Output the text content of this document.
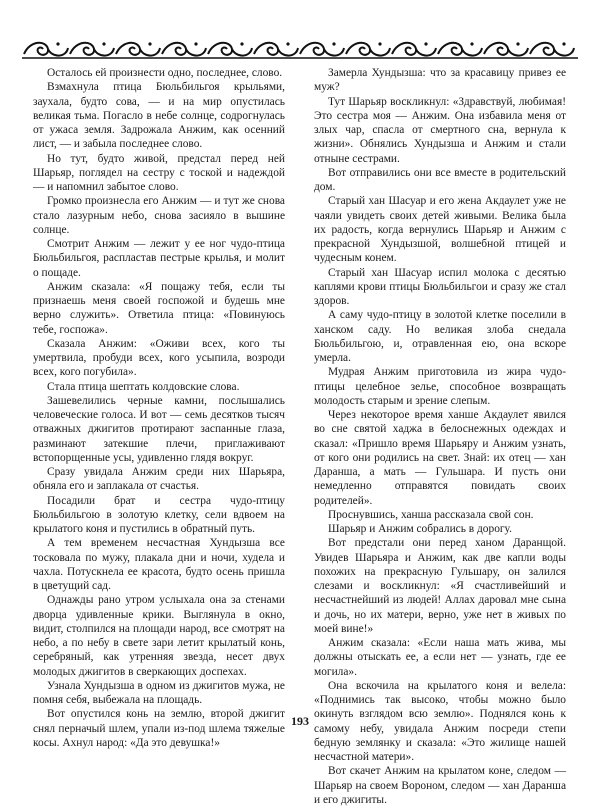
Осталось ей произнести одно, последнее, слово.

Взмахнула птица Бюльбильгоя крыльями, заухала, будто сова, — и на мир опустилась великая тьма. Погасло в небе солнце, содрогнулась от ужаса земля. Задрожала Анжим, как осенний лист, — и забыла последнее слово.

Но тут, будто живой, предстал перед ней Шарьяр, поглядел на сестру с тоской и надеждой — и напомнил забытое слово.

Громко произнесла его Анжим — и тут же снова стало лазурным небо, снова засияло в вышине солнце.

Смотрит Анжим — лежит у ее ног чудо-птица Бюльбильгоя, распластав пестрые крылья, и молит о пощаде.

Анжим сказала: «Я пощажу тебя, если ты признаешь меня своей госпожой и будешь мне верно служить». Ответила птица: «Повинуюсь тебе, госпожа».

Сказала Анжим: «Оживи всех, кого ты умертвила, пробуди всех, кого усыпила, возроди всех, кого погубила».

Стала птица шептать колдовские слова.

Зашевелились черные камни, послышались человеческие голоса. И вот — семь десятков тысяч отважных джигитов протирают заспанные глаза, разминают затекшие плечи, приглаживают встопорщенные усы, удивленно глядя вокруг.

Сразу увидала Анжим среди них Шарьяра, обняла его и заплакала от счастья.

Посадили брат и сестра чудо-птицу Бюльбильгою в золотую клетку, сели вдвоем на крылатого коня и пустились в обратный путь.

А тем временем несчастная Хундызша все тосковала по мужу, плакала дни и ночи, худела и чахла. Потускнела ее красота, будто осень пришла в цветущий сад.

Однажды рано утром услыхала она за стенами дворца удивленные крики. Выглянула в окно, видит, столпился на площади народ, все смотрят на небо, а по небу в свете зари летит крылатый конь, серебряный, как утренняя звезда, несет двух молодых джигитов в сверкающих доспехах.

Узнала Хундызша в одном из джигитов мужа, не помня себя, выбежала на площадь.

Вот опустился конь на землю, второй джигит снял перначый шлем, упали из-под шлема тяжелые косы. Ахнул народ: «Да это девушка!»

Замерла Хундызша: что за красавицу привез ее муж?

Тут Шарьяр воскликнул: «Здравствуй, любимая! Это сестра моя — Анжим. Она избавила меня от злых чар, спасла от смертного сна, вернула к жизни». Обнялись Хундызша и Анжим и стали отныне сестрами.

Вот отправились они все вместе в родительский дом.

Старый хан Шасуар и его жена Акдаулет уже не чаяли увидеть своих детей живыми. Велика была их радость, когда вернулись Шарьяр и Анжим с прекрасной Хундызшой, волшебной птицей и чудесным конем.

Старый хан Шасуар испил молока с десятью каплями крови птицы Бюльбильгои и сразу же стал здоров.

А саму чудо-птицу в золотой клетке поселили в ханском саду. Но великая злоба снедала Бюльбильгою, и, отравленная ею, она вскоре умерла.

Мудрая Анжим приготовила из жира чудо-птицы целебное зелье, способное возвращать молодость старым и зрение слепым.

Через некоторое время ханше Акдаулет явился во сне святой хаджа в белоснежных одеждах и сказал: «Пришло время Шарьяру и Анжим узнать, от кого они родились на свет. Знай: их отец — хан Даранша, а мать — Гульшара. И пусть они немедленно отправятся повидать своих родителей».

Проснувшись, ханша рассказала свой сон.

Шарьяр и Анжим собрались в дорогу.

Вот предстали они перед ханом Даранщой. Увидев Шарьяра и Анжим, как две капли воды похожих на прекрасную Гульшару, он залился слезами и воскликнул: «Я счастливейший и несчастнейший из людей! Аллах даровал мне сына и дочь, но их матери, верно, уже нет в живых по моей вине!»

Анжим сказала: «Если наша мать жива, мы должны отыскать ее, а если нет — узнать, где ее могила».

Она вскочила на крылатого коня и велела: «Поднимись так высоко, чтобы можно было окинуть взглядом всю землю». Поднялся конь к самому небу, увидала Анжим посреди степи бедную землянку и сказала: «Это жилище нашей несчастной матери».

Вот скачет Анжим на крылатом коне, следом — Шарьяр на своем Вороном, следом — хан Даранша и его джигиты.

193
